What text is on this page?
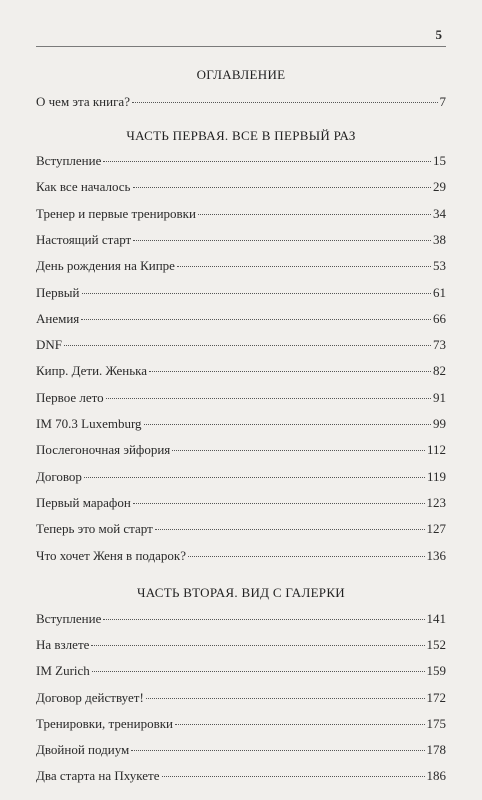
5
ОГЛАВЛЕНИЕ
О чем эта книга?	7
ЧАСТЬ ПЕРВАЯ. ВСЕ В ПЕРВЫЙ РАЗ
Вступление	15
Как все началось	29
Тренер и первые тренировки	34
Настоящий старт	38
День рождения на Кипре	53
Первый	61
Анемия	66
DNF	73
Кипр. Дети. Женька	82
Первое лето	91
IM 70.3 Luxemburg	99
Послегоночная эйфория	112
Договор	119
Первый марафон	123
Теперь это мой старт	127
Что хочет Женя в подарок?	136
ЧАСТЬ ВТОРАЯ. ВИД С ГАЛЕРКИ
Вступление	141
На взлете	152
IM Zurich	159
Договор действует!	172
Тренировки, тренировки	175
Двойной подиум	178
Два старта на Пхукете	186
